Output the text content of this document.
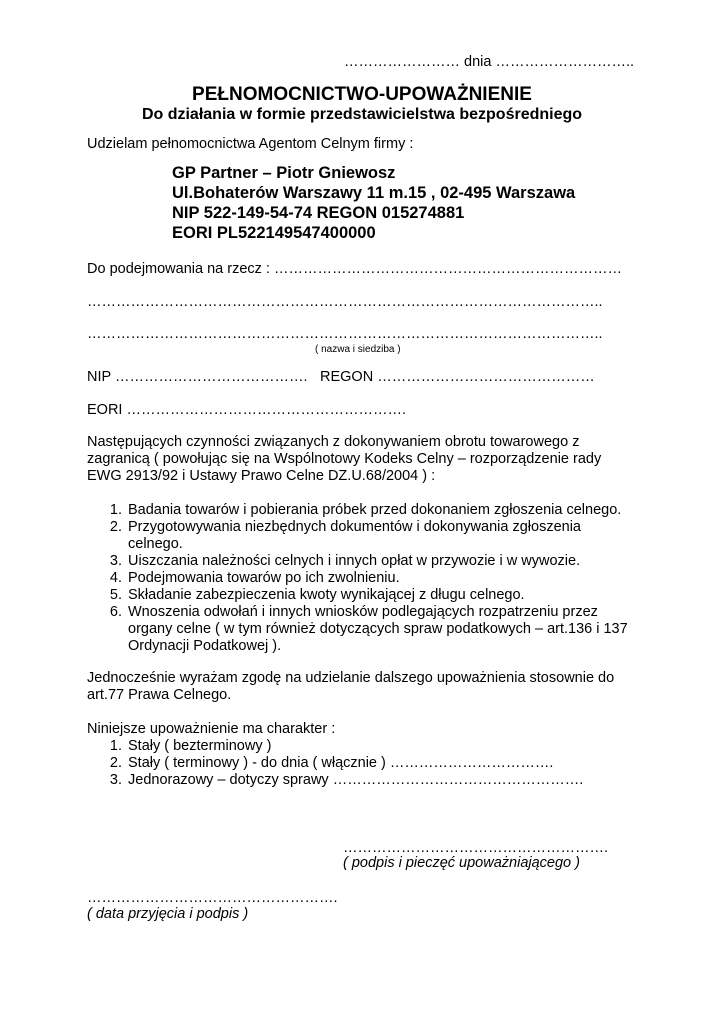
…………………… dnia ………………………..
PEŁNOMOCNICTWO-UPOWAŻNIENIE
Do działania w formie przedstawicielstwa bezpośredniego
Udzielam pełnomocnictwa Agentom Celnym firmy :
GP Partner – Piotr Gniewosz
Ul.Bohaterów Warszawy 11 m.15 , 02-495 Warszawa
NIP 522-149-54-74 REGON 015274881
EORI PL522149547400000
Do podejmowania na rzecz : ………………………………………………………………
……………………………………………………………………………………………..
……………………………………………………………………………………………..
( nazwa i siedziba )
NIP …………………………………. REGON ………………………………………
EORI ………………………………………………….
Następujących czynności związanych z dokonywaniem obrotu towarowego z
zagranicą ( powołując się na Wspólnotowy Kodeks Celny – rozporządzenie rady
EWG 2913/92 i Ustawy Prawo Celne DZ.U.68/2004 ) :
1. Badania towarów i pobierania próbek przed dokonaniem zgłoszenia celnego.
2. Przygotowywania niezbędnych dokumentów i dokonywania zgłoszenia
celnego.
3. Uiszczania należności celnych i innych opłat w przywozie i w wywozie.
4. Podejmowania towarów po ich zwolnieniu.
5. Składanie zabezpieczenia kwoty wynikającej z długu celnego.
6. Wnoszenia odwołań i innych wniosków podlegających rozpatrzeniu przez
organy celne ( w tym również dotyczących spraw podatkowych – art.136 i 137
Ordynacji Podatkowej ).
Jednocześnie wyrażam zgodę na udzielanie dalszego upoważnienia stosownie do
art.77 Prawa Celnego.
Niniejsze upoważnienie ma charakter :
1. Stały ( bezterminowy )
2. Stały ( terminowy ) - do dnia ( włącznie ) …………………………….
3. Jednorazowy – dotyczy sprawy …………………………………………….
……………………………………………….
( podpis i pieczęć upoważniającego )
…………………………………………….
( data przyjęcia i podpis )
